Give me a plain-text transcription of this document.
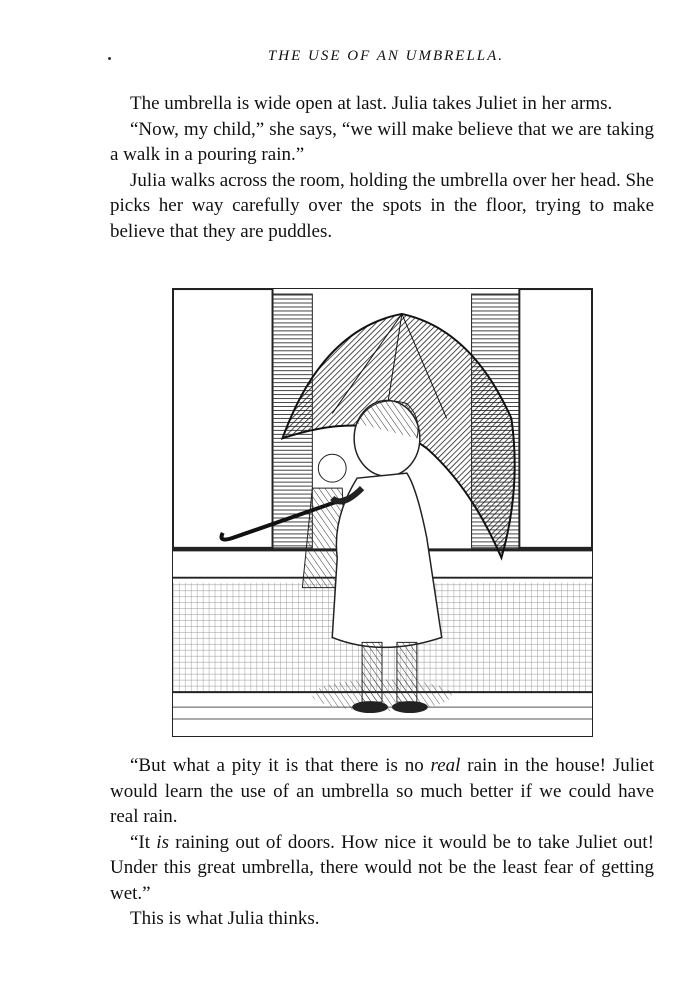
THE USE OF AN UMBRELLA.

The umbrella is wide open at last. Julia takes Juliet in her arms.

“Now, my child,” she says, “we will make believe that we are taking a walk in a pouring rain.”

Julia walks across the room, holding the umbrella over her head. She picks her way carefully over the spots in the floor, trying to make believe that they are puddles.

“But what a pity it is that there is no real rain in the house! Juliet would learn the use of an umbrella so much better if we could have real rain.

“It is raining out of doors. How nice it would be to take Juliet out! Under this great umbrella, there would not be the least fear of getting wet.”

This is what Julia thinks.
